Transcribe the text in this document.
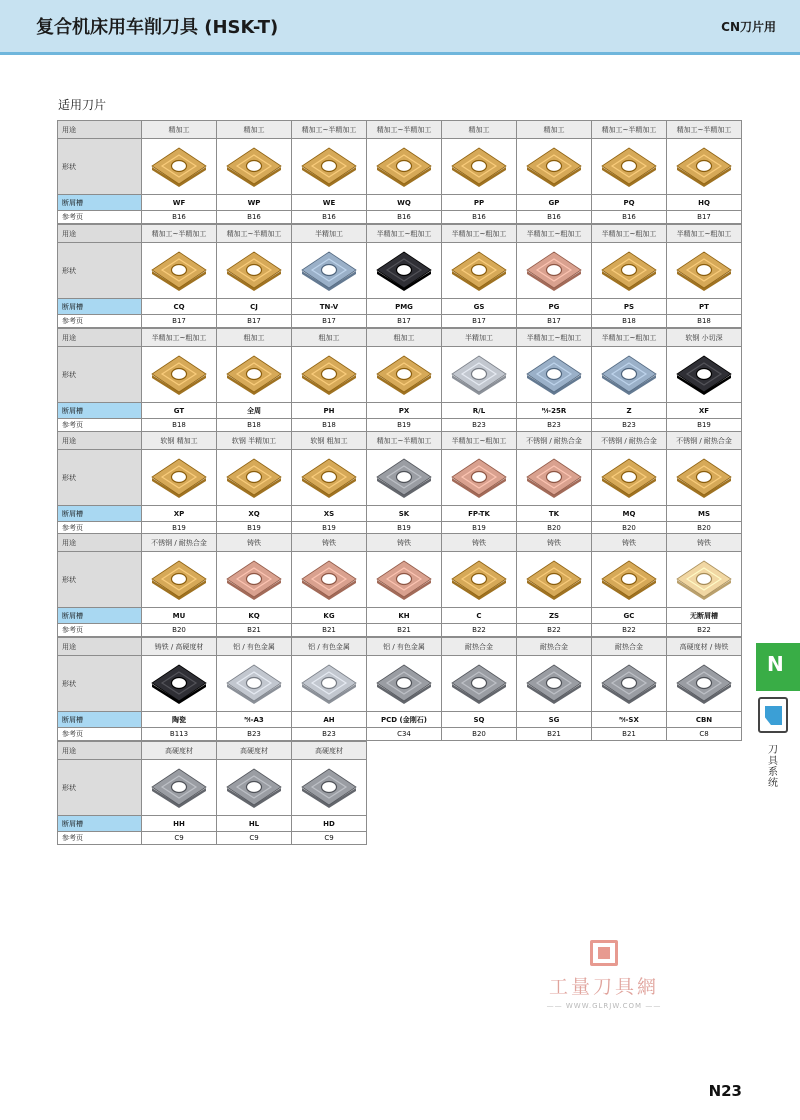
复合机床用车削刀具 (HSK-T)	CN刀片用
适用刀片
用途	精加工	精加工	精加工~半精加工	精加工~半精加工	精加工	精加工	精加工~半精加工	精加工~半精加工
形状	

断屑槽	WF	WP	WE	WQ	PP	GP	PQ	HQ
参考页	B16	B16	B16	B16	B16	B16	B16	B17
用途	精加工~半精加工	精加工~半精加工	半精加工	半精加工~粗加工	半精加工~粗加工	半精加工~粗加工	半精加工~粗加工	半精加工~粗加工
形状	

断屑槽	CQ	CJ	TN-V	PMG	GS	PG	PS	PT
参考页	B17	B17	B17	B17	B17	B17	B18	B18
用途	半精加工~粗加工	粗加工	粗加工	粗加工	半精加工	半精加工~粗加工	半精加工~粗加工	软钢 小切深
形状	

断屑槽	GT	全周	PH	PX	R/L	ᴺ⁄ₗ-25R	Z	XF
参考页	B18	B18	B18	B19	B23	B23	B23	B19
用途	软钢 精加工	软钢 半精加工	软钢 粗加工	精加工~半精加工	半精加工~粗加工	不锈钢 / 耐热合金	不锈钢 / 耐热合金	不锈钢 / 耐热合金
形状	

断屑槽	XP	XQ	XS	SK	FP-TK	TK	MQ	MS
参考页	B19	B19	B19	B19	B19	B20	B20	B20
用途	不锈钢 / 耐热合金	铸铁	铸铁	铸铁	铸铁	铸铁	铸铁	铸铁
形状	

断屑槽	MU	KQ	KG	KH	C	ZS	GC	无断屑槽
参考页	B20	B21	B21	B21	B22	B22	B22	B22
用途	铸铁 / 高硬度材	铝 / 有色金属	铝 / 有色金属	铝 / 有色金属	耐热合金	耐热合金	耐热合金	高硬度材 / 铸铁
形状	

断屑槽	陶瓷	ᴺ⁄ₗ-A3	AH	PCD (金刚石)	SQ	SG	ᴺ⁄ₗ-SX	CBN
参考页	B113	B23	B23	C34	B20	B21	B21	C8
用途	高硬度材	高硬度材	高硬度材
形状	

断屑槽	HH	HL	HD
参考页	C9	C9	C9
N
刀具系统
工量刀具網
—— WWW.GLRJW.COM ——
N23
